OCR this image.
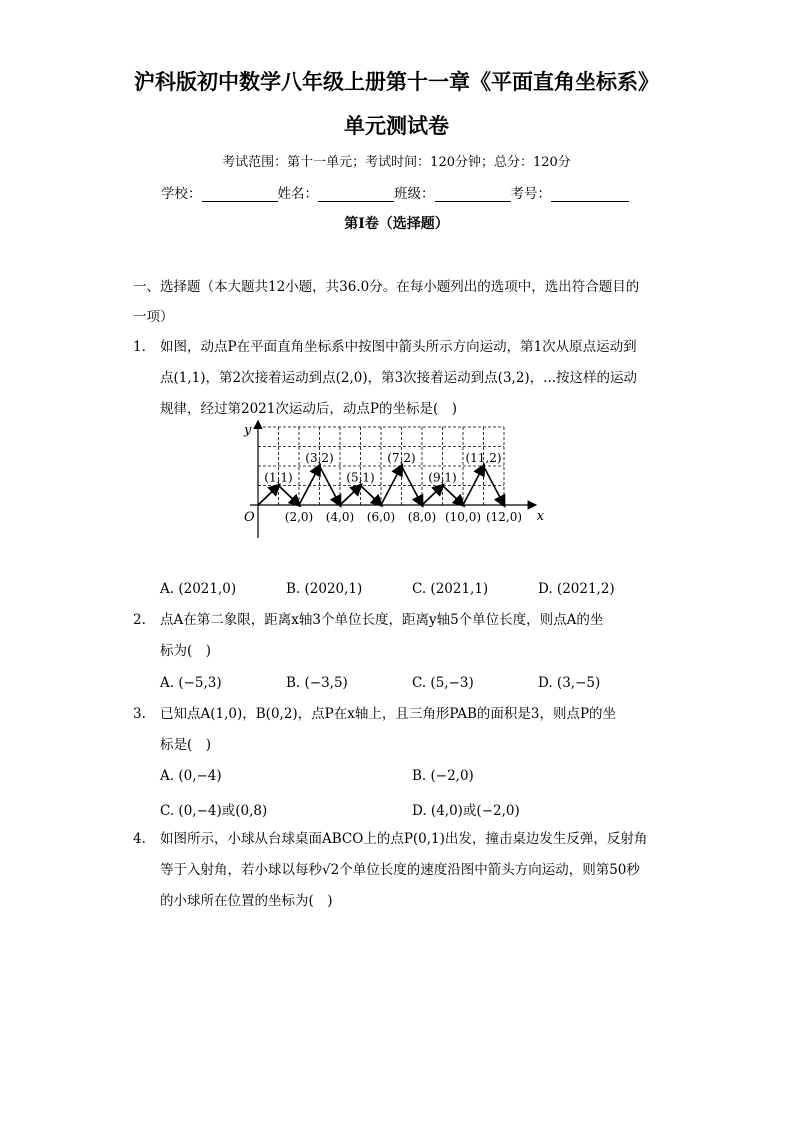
沪科版初中数学八年级上册第十一章《平面直角坐标系》
单元测试卷
考试范围：第十一单元；考试时间：120分钟；总分：120分
学校：	姓名：	班级：	考号：
第I卷（选择题）
一、选择题（本大题共12小题，共36.0分。在每小题列出的选项中，选出符合题目的
一项）
1. 如图，动点P在平面直角坐标系中按图中箭头所示方向运动，第1次从原点运动到
点(1,1)，第2次接着运动到点(2,0)，第3次接着运动到点(3,2)，...按这样的运动
规律，经过第2021次运动后，动点P的坐标是(　)
x
y
O
(1,1)
(3,2)
(5,1)
(7,2)
(9,1)
(11,2)
(2,0) (4,0) (6,0) (8,0) (10,0) (12,0)
A. (2021,0)	B. (2020,1)	C. (2021,1)	D. (2021,2)
2. 点A在第二象限，距离x轴3个单位长度，距离y轴5个单位长度，则点A的坐
标为(　)
A. (−5,3)	B. (−3,5)	C. (5,−3)	D. (3,−5)
3. 已知点A(1,0)，B(0,2)，点P在x轴上，且三角形PAB的面积是3，则点P的坐
标是(　)
A. (0,−4)	B. (−2,0)
C. (0,−4)或(0,8)	D. (4,0)或(−2,0)
4. 如图所示，小球从台球桌面ABCO上的点P(0,1)出发，撞击桌边发生反弹，反射角
等于入射角，若小球以每秒√2个单位长度的速度沿图中箭头方向运动，则第50秒
的小球所在位置的坐标为(　)
